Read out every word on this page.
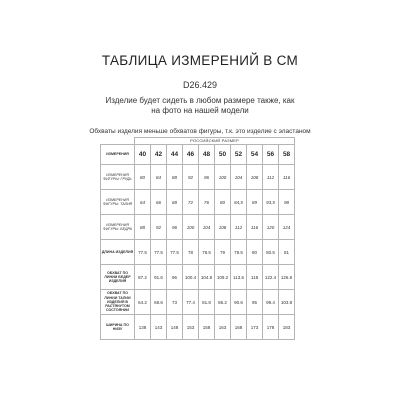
ТАБЛИЦА ИЗМЕРЕНИЙ В СМ
D26.429
Изделие будет сидеть в любом размере также, как на фото на нашей модели
Обхваты изделия меньше обхватов фигуры, т.к. это изделие с эластаном
	РОССИЙСКИЙ РАЗМЕР									
ИЗМЕРЕНИЯ	40	42	44	46	48	50	52	54	56	58
ИЗМЕРЕНИЯ ФИГУРЫ: ГРУДЬ	80	84	88	92	96	100	104	108	112	116
ИЗМЕРЕНИЯ ФИГУРЫ: ТАЛИЯ	64	66	68	72	76	80	84,5	89	93,5	98
ИЗМЕРЕНИЯ ФИГУРЫ: БЕДРА	88	92	96	100	104	108	112	116	120	124
ДЛИНА ИЗДЕЛИЯ	77.5	77.5	77.5	78	78.5	79	79.5	80	80.5	81
ОБХВАТ ПО ЛИНИИ БЕДЕР ИЗДЕЛИЯ	87.2	91.6	96	100.4	104.8	109.2	113.6	118	122.4	126.8
ОБХВАТ ПО ЛИНИИ ТАЛИИ ИЗДЕЛИЯ В РАСТЯНУТОМ СОСТОЯНИИ	64.2	68.6	73	77.4	81.8	86.2	90.6	95	99.4	103.8
ШИРИНА ПО НИЗУ	138	143	148	153	158	163	168	173	178	183
